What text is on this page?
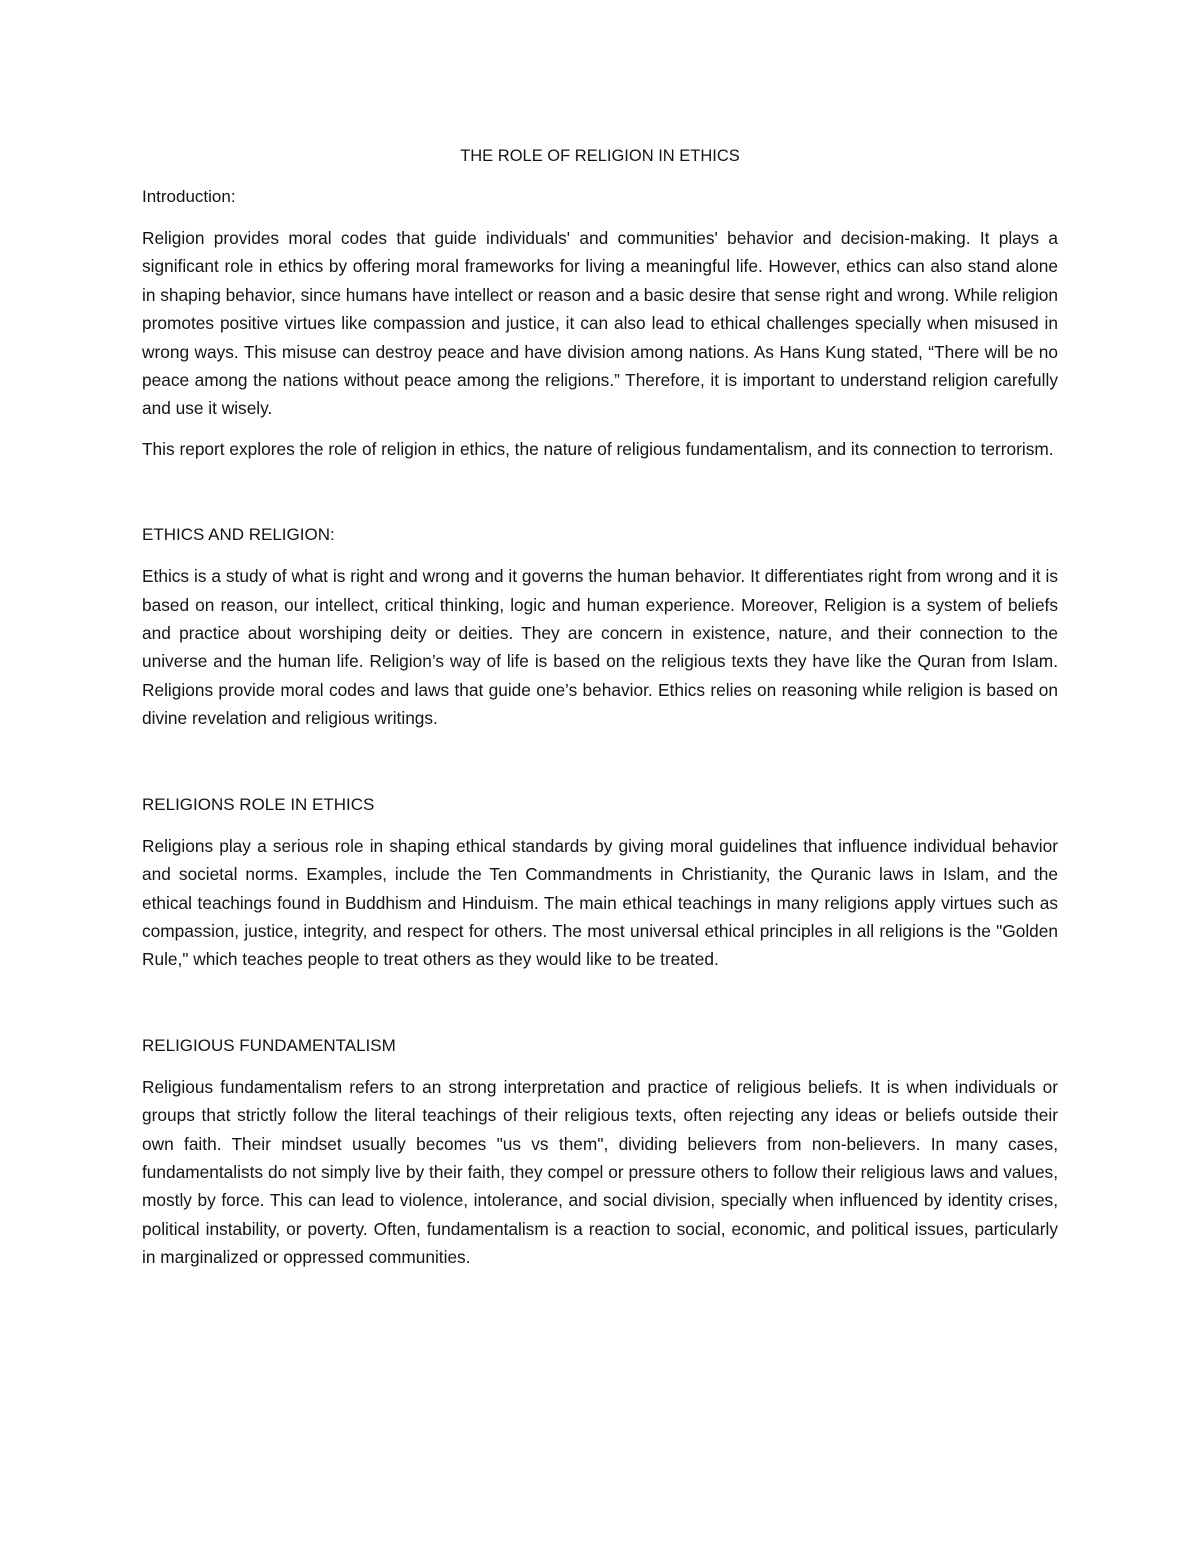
THE ROLE OF RELIGION IN ETHICS
Introduction:

Religion provides moral codes that guide individuals' and communities' behavior and decision-making. It plays a significant role in ethics by offering moral frameworks for living a meaningful life. However, ethics can also stand alone in shaping behavior, since humans have intellect or reason and a basic desire that sense right and wrong. While religion promotes positive virtues like compassion and justice, it can also lead to ethical challenges specially when misused in wrong ways. This misuse can destroy peace and have division among nations. As Hans Kung stated, “There will be no peace among the nations without peace among the religions.” Therefore, it is important to understand religion carefully and use it wisely.

This report explores the role of religion in ethics, the nature of religious fundamentalism, and its connection to terrorism.

ETHICS AND RELIGION:

Ethics is a study of what is right and wrong and it governs the human behavior. It differentiates right from wrong and it is based on reason, our intellect, critical thinking, logic and human experience. Moreover, Religion is a system of beliefs and practice about worshiping deity or deities. They are concern in existence, nature, and their connection to the universe and the human life. Religion’s way of life is based on the religious texts they have like the Quran from Islam. Religions provide moral codes and laws that guide one’s behavior. Ethics relies on reasoning while religion is based on divine revelation and religious writings.

RELIGIONS ROLE IN ETHICS

Religions play a serious role in shaping ethical standards by giving moral guidelines that influence individual behavior and societal norms. Examples, include the Ten Commandments in Christianity, the Quranic laws in Islam, and the ethical teachings found in Buddhism and Hinduism. The main ethical teachings in many religions apply virtues such as compassion, justice, integrity, and respect for others. The most universal ethical principles in all religions is the "Golden Rule," which teaches people to treat others as they would like to be treated.

RELIGIOUS FUNDAMENTALISM

Religious fundamentalism refers to an strong interpretation and practice of religious beliefs. It is when individuals or groups that strictly follow the literal teachings of their religious texts, often rejecting any ideas or beliefs outside their own faith. Their mindset usually becomes "us vs them", dividing believers from non-believers. In many cases, fundamentalists do not simply live by their faith, they compel or pressure others to follow their religious laws and values, mostly by force. This can lead to violence, intolerance, and social division, specially when influenced by identity crises, political instability, or poverty. Often, fundamentalism is a reaction to social, economic, and political issues, particularly in marginalized or oppressed communities.
